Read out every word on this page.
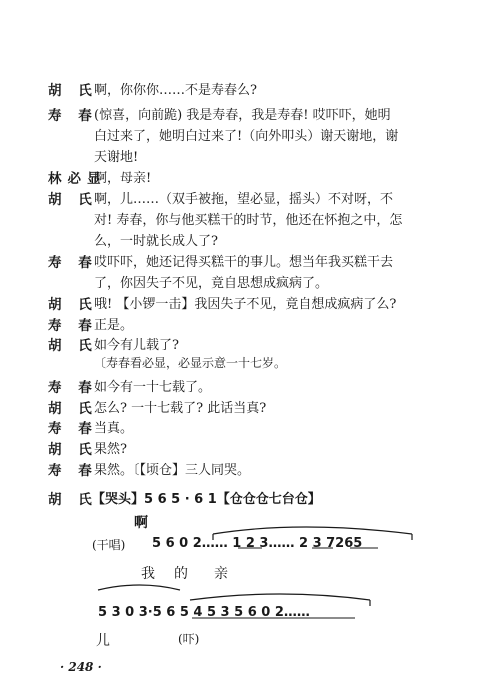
胡 氏
啊，你你你……不是寿春么?
寿 春
(惊喜，向前跪) 我是寿春，我是寿春! 哎吓吓，她明
白过来了，她明白过来了!（向外叩头）谢天谢地，谢
天谢地!
林必显
啊，母亲!
胡 氏
啊，儿……（双手被拖，望必显，摇头）不对呀，不
对! 寿春，你与他买糕干的时节，他还在怀抱之中，怎
么，一时就长成人了?
寿 春
哎吓吓，她还记得买糕干的事儿。想当年我买糕干去
了，你因失子不见，竟自思想成疯病了。
胡 氏
哦! 【小锣一击】我因失子不见，竟自想成疯病了么?
寿 春
正是。
胡 氏
如今有儿载了?
〔寿春看必显，必显示意一十七岁。
寿 春
如今有一十七载了。
胡 氏
怎么? 一十七载了? 此话当真?
寿 春
当真。
胡 氏
果然?
寿 春
果然。〔【顷仓】三人同哭。
胡 氏
【哭头】5 6 5 · 6 1【仓仓仓七台仓】
啊
(干唱) 5 6 0 2…… 1 2 3…… 2 3 7265
我 的 亲
5 3 0 3·5 6 5 4 5 3 5 6 0 2……
儿	(吓)
· 248 ·
